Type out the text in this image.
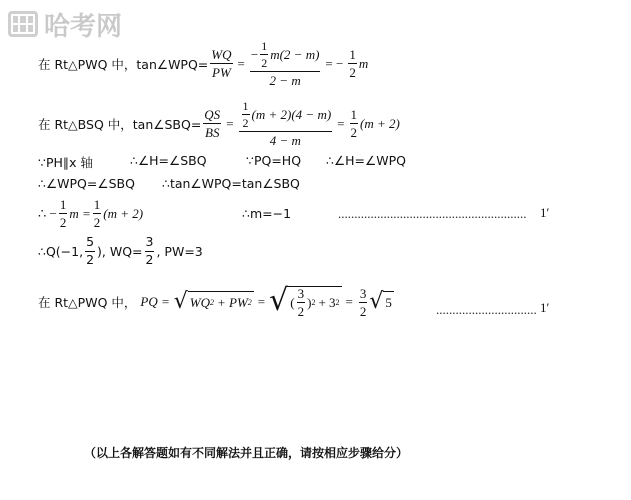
哈考网
在 Rt△PWQ 中，tan∠WPQ= $\frac{WQ}{PW} = \frac{- \frac{1}{2} m(2 - m)}{2 - m}$ = − $\frac{1}{2}$ m
在 Rt△BSQ 中，tan∠SBQ= $\frac{QS}{BS} = \frac{\frac{1}{2} (m + 2)(4 - m)}{4 - m} = \frac{1}{2} (m + 2)$
∵PH∥x 轴	∴∠H=∠SBQ	∵PQ=HQ ∴∠H=∠WPQ
∴∠WPQ=∠SBQ ∴tan∠WPQ=tan∠SBQ
∴ − $\frac{1}{2}$ $m = \frac{1}{2} (m + 2)$	∴m=−1	.......................................................... 1′
∴Q(−1, $\frac{5}{2}$ ), $WQ= \frac{3}{2}$ , PW=3
在 Rt△PWQ 中， PQ = √ WQ 2 + PW 2 = √ ( $\frac{3}{2}$ ) 2 + 3 $2 = \frac{3}{2}$ √ 5	............................... 1′
（以上各解答题如有不同解法并且正确，请按相应步骤给分）
